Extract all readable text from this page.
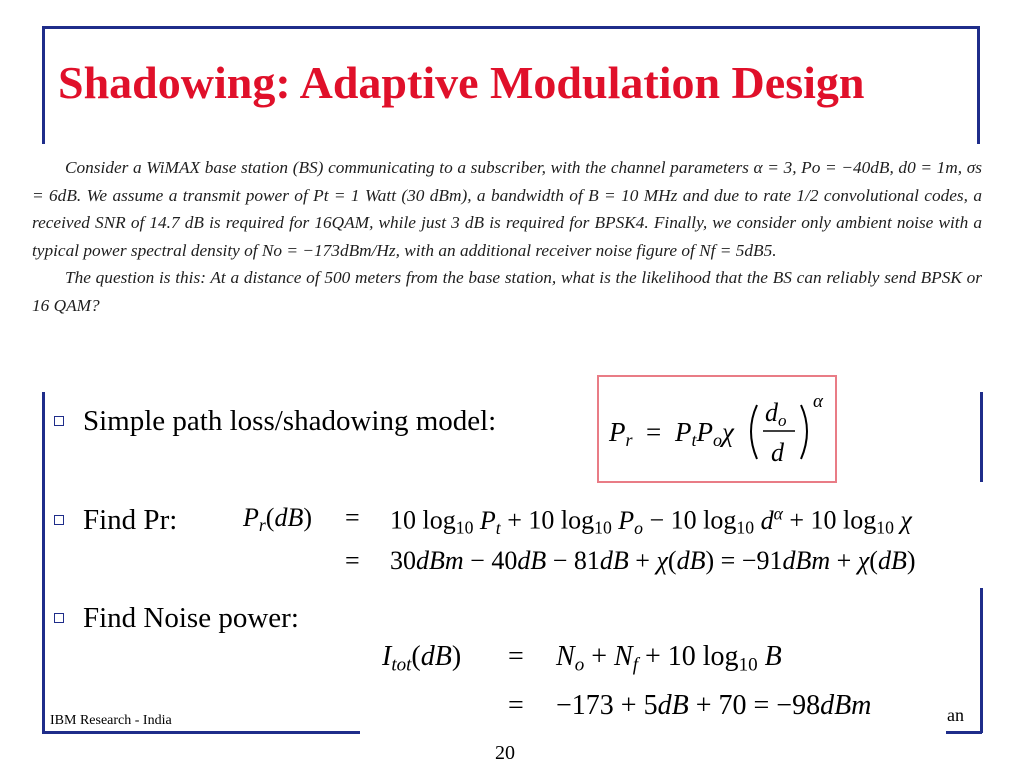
Shadowing: Adaptive Modulation Design

Consider a WiMAX base station (BS) communicating to a subscriber, with the channel parameters α = 3, Po = −40dB, d0 = 1m, σs = 6dB. We assume a transmit power of Pt = 1 Watt (30 dBm), a bandwidth of B = 10 MHz and due to rate 1/2 convolutional codes, a received SNR of 14.7 dB is required for 16QAM, while just 3 dB is required for BPSK4. Finally, we consider only ambient noise with a typical power spectral density of No = −173dBm/Hz, with an additional receiver noise figure of Nf = 5dB5.

The question is this: At a distance of 500 meters from the base station, what is the likelihood that the BS can reliably send BPSK or 16 QAM?

Simple path loss/shadowing model:
Find Pr:
Find Noise power:
Pr = PtPoχ
do
d
α
$P_r(dB) = 10$ $\log_{10} P_t + 10$ $\log_{10} P_o - 10$ $\log_{10} d^\alpha + 10$ $\log_{10} \chi$
= 30dBm − 40dB − 81dB + χ(dB) = −91dBm + χ(dB)
$I_{tot}(dB) = N_o + N_f + 10$ $\log_{10} B$
= −173 + 5dB + 70 = −98dBm
IBM Research - India	an
20
